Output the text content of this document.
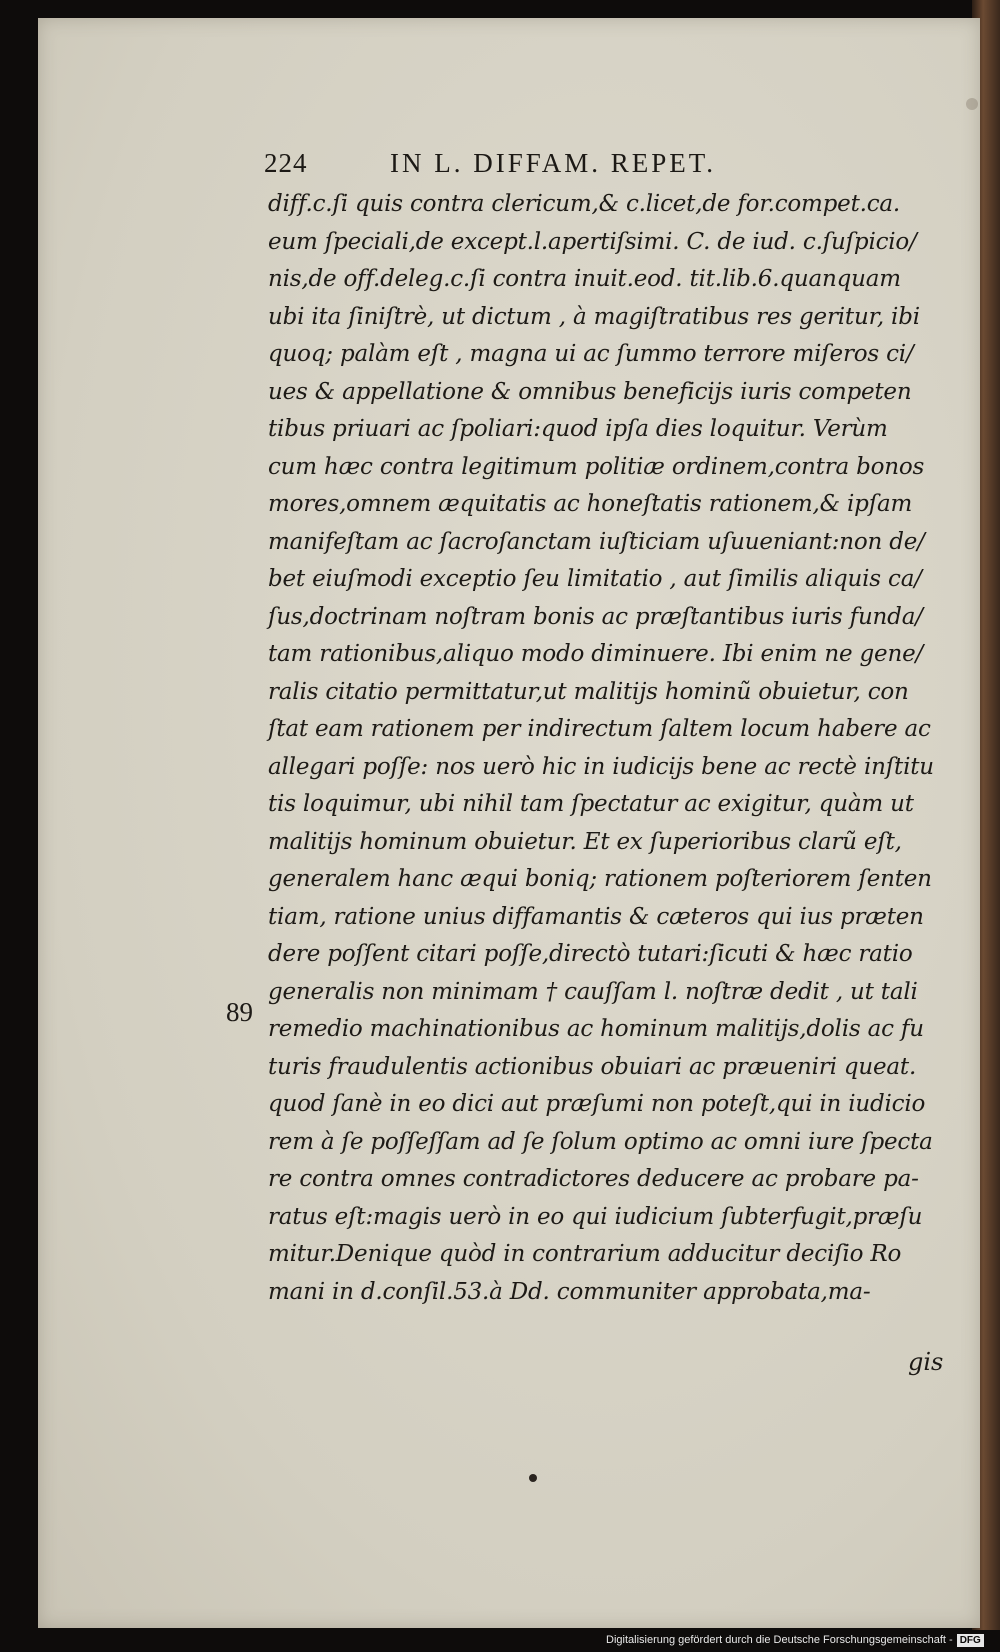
224	IN L. DIFFAM. REPET.
diff.c.ſi quis contra clericum,& c.licet,de for.compet.ca.
eum ſpeciali,de except.l.apertiſsimi. C. de iud. c.ſuſpicio/
nis,de off.deleg.c.ſi contra inuit.eod. tit.lib.6.quanquam
ubi ita ſiniſtrè, ut dictum , à magiſtratibus res geritur, ibi
quoq; palàm eſt , magna ui ac ſummo terrore miſeros ci/
ues & appellatione & omnibus beneficijs iuris competen
tibus priuari ac ſpoliari:quod ipſa dies loquitur. Verùm
cum hæc contra legitimum politiæ ordinem,contra bonos
mores,omnem æquitatis ac honeſtatis rationem,& ipſam
manifeſtam ac ſacroſanctam iuſticiam uſuueniant:non de/
bet eiuſmodi exceptio ſeu limitatio , aut ſimilis aliquis ca/
ſus,doctrinam noſtram bonis ac præſtantibus iuris funda/
tam rationibus,aliquo modo diminuere. Ibi enim ne gene/
ralis citatio permittatur,ut malitijs hominũ obuietur, con
ſtat eam rationem per indirectum ſaltem locum habere ac
allegari poſſe: nos uerò hic in iudicijs bene ac rectè inſtitu
tis loquimur, ubi nihil tam ſpectatur ac exigitur, quàm ut
malitijs hominum obuietur. Et ex ſuperioribus clarũ eſt,
generalem hanc æqui boniq; rationem poſteriorem ſenten
tiam, ratione unius diffamantis & cæteros qui ius præten
dere poſſent citari poſſe,directò tutari:ſicuti & hæc ratio
generalis non minimam † cauſſam l. noſtræ dedit , ut tali
remedio machinationibus ac hominum malitijs,dolis ac fu
turis fraudulentis actionibus obuiari ac præueniri queat.
quod ſanè in eo dici aut præſumi non poteſt,qui in iudicio
rem à ſe poſſeſſam ad ſe ſolum optimo ac omni iure ſpecta
re contra omnes contradictores deducere ac probare pa-
ratus eſt:magis uerò in eo qui iudicium ſubterfugit,præſu
mitur.Denique quòd in contrarium adducitur deciſio Ro
mani in d.conſil.53.à Dd. communiter approbata,ma-
89
gis
Digitalisierung gefördert durch die Deutsche Forschungsgemeinschaft - DFG
